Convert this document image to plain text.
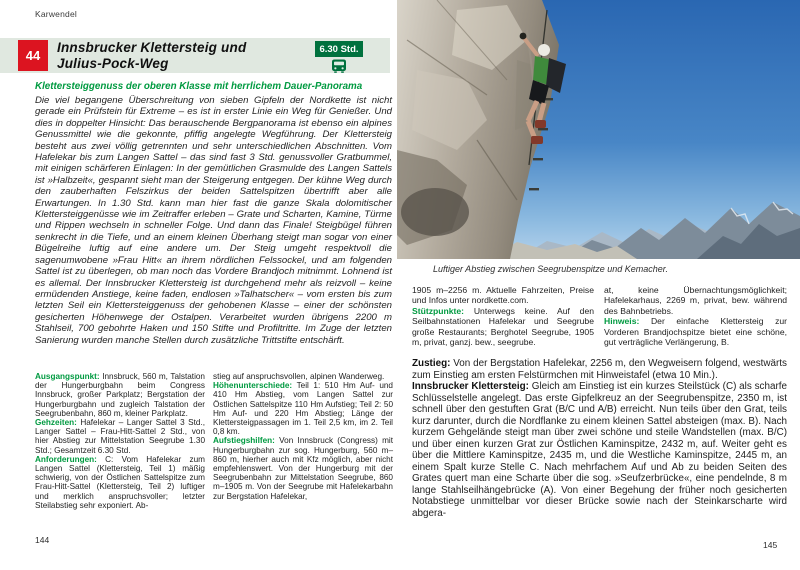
Karwendel
44
Innsbrucker Klettersteig und
Julius-Pock-Weg
6.30 Std.
Klettersteiggenuss der oberen Klasse mit herrlichem Dauer-Panorama

Die viel begangene Überschreitung von sieben Gipfeln der Nordkette ist nicht gerade ein Prüfstein für Extreme – es ist in erster Linie ein Weg für Genießer. Und dies in doppelter Hinsicht: Das berauschende Bergpanorama ist ebenso ein alpines Genussmittel wie die gekonnte, pfiffig angelegte Wegführung. Der Klettersteig besteht aus zwei völlig getrennten und sehr unterschiedlichen Abschnitten. Vom Hafelekar bis zum Langen Sattel – das sind fast 3 Std. genussvoller Gratbummel, mit einigen schärferen Einlagen: In der gemütlichen Grasmulde des Langen Sattels ist »Halbzeit«, gespannt sieht man der Steigerung entgegen. Der kühne Weg durch den zauberhaften Felszirkus der beiden Sattelspitzen übertrifft aber alle Erwartungen. In 1.30 Std. kann man hier fast die ganze Skala dolomitischer Klettersteiggenüsse wie im Zeitraffer erleben – Grate und Scharten, Kamine, Türme und Rippen wechseln in schneller Folge. Und dann das Finale! Steigbügel führen senkrecht in die Tiefe, und an einem kleinen Überhang steigt man sogar von einer Bügelreihe luftig auf eine andere um. Der Steig umgeht respektvoll die sagenumwobene »Frau Hitt« an ihrem nördlichen Felssockel, und am folgenden Sattel ist zu überlegen, ob man noch das Vordere Brandjoch mitnimmt. Lohnend ist es allemal. Der Innsbrucker Klettersteig ist durchgehend mehr als reizvoll – keine ermüdenden Anstiege, keine faden, endlosen »Talhatscher« – vom ersten bis zum letzten Seil ein Klettersteiggenuss der gehobenen Klasse – einer der schönsten gesicherten Höhenwege der Ostalpen. Verarbeitet wurden übrigens 2200 m Stahlseil, 700 gebohrte Haken und 150 Stifte und Profiltritte. Im Zuge der letzten Sanierung wurden manche Stellen durch zusätzliche Trittstifte entschärft.

Ausgangspunkt: Innsbruck, 560 m, Talstation der Hungerburgbahn beim Congress Innsbruck, großer Parkplatz; Bergstation der Hungerburgbahn und zugleich Talstation der Seegrubenbahn, 860 m, kleiner Parkplatz.

Gehzeiten: Hafelekar – Langer Sattel 3 Std., Langer Sattel – Frau-Hitt-Sattel 2 Std., von hier Abstieg zur Mittelstation Seegrube 1.30 Std.; Gesamtzeit 6.30 Std.

Anforderungen: C: Vom Hafelekar zum Langen Sattel (Klettersteig, Teil 1) mäßig schwierig, von der Östlichen Sattelspitze zum Frau-Hitt-Sattel (Klettersteig, Teil 2) luftiger und merklich anspruchsvoller; letzter Steilabstieg sehr exponiert. Ab-

stieg auf anspruchsvollen, alpinen Wanderweg.

Höhenunterschiede: Teil 1: 510 Hm Auf- und 410 Hm Abstieg, vom Langen Sattel zur Östlichen Sattelspitze 110 Hm Aufstieg; Teil 2: 50 Hm Auf- und 220 Hm Abstieg; Länge der Klettersteigpassagen im 1. Teil 2,5 km, im 2. Teil 0,8 km.

Aufstiegshilfen: Von Innsbruck (Congress) mit Hungerburgbahn zur sog. Hungerburg, 560 m–860 m, hierher auch mit Kfz möglich, aber nicht empfehlenswert. Von der Hungerburg mit der Seegrubenbahn zur Mittelstation Seegrube, 860 m–1905 m. Von der Seegrube mit Hafelekarbahn zur Bergstation Hafelekar,

144
Luftiger Abstieg zwischen Seegrubenspitze und Kemacher.

1905 m–2256 m. Aktuelle Fahrzeiten, Preise und Infos unter nordkette.com.

Stützpunkte: Unterwegs keine. Auf den Seilbahnstationen Hafelekar und Seegrube große Restaurants; Berghotel Seegrube, 1905 m, privat, ganzj. bew., seegrube.

at, keine Übernachtungsmöglichkeit; Hafelekarhaus, 2269 m, privat, bew. während des Bahnbetriebs.

Hinweis: Der einfache Klettersteig zur Vorderen Brandjochspitze bietet eine schöne, gut verträgliche Verlängerung, B.

Zustieg: Von der Bergstation Hafelekar, 2256 m, den Wegweisern folgend, westwärts zum Einstieg am ersten Felstürmchen mit Hinweistafel (etwa 10 Min.).

Innsbrucker Klettersteig: Gleich am Einstieg ist ein kurzes Steilstück (C) als scharfe Schlüsselstelle angelegt. Das erste Gipfelkreuz an der Seegrubenspitze, 2350 m, ist schnell über den gestuften Grat (B/C und A/B) erreicht. Nun teils über den Grat, teils kurz darunter, durch die Nordflanke zu einem kleinen Sattel absteigen (max. B). Nach kurzem Gehgelände steigt man über zwei schöne und steile Wandstellen (max. B/C) und über einen kurzen Grat zur Östlichen Kaminspitze, 2432 m, auf. Weiter geht es über die Mittlere Kaminspitze, 2435 m, und die Westliche Kaminspitze, 2445 m, an einem Spalt kurze Stelle C. Nach mehrfachem Auf und Ab zu beiden Seiten des Grates quert man eine Scharte über die sog. »Seufzerbrücke«, eine pendelnde, 8 m lange Stahlseilhängebrücke (A). Von einer Begehung der früher noch gesicherten Notabstiege unmittelbar vor dieser Brücke sowie nach der Steinkarscharte wird abgera-

145
